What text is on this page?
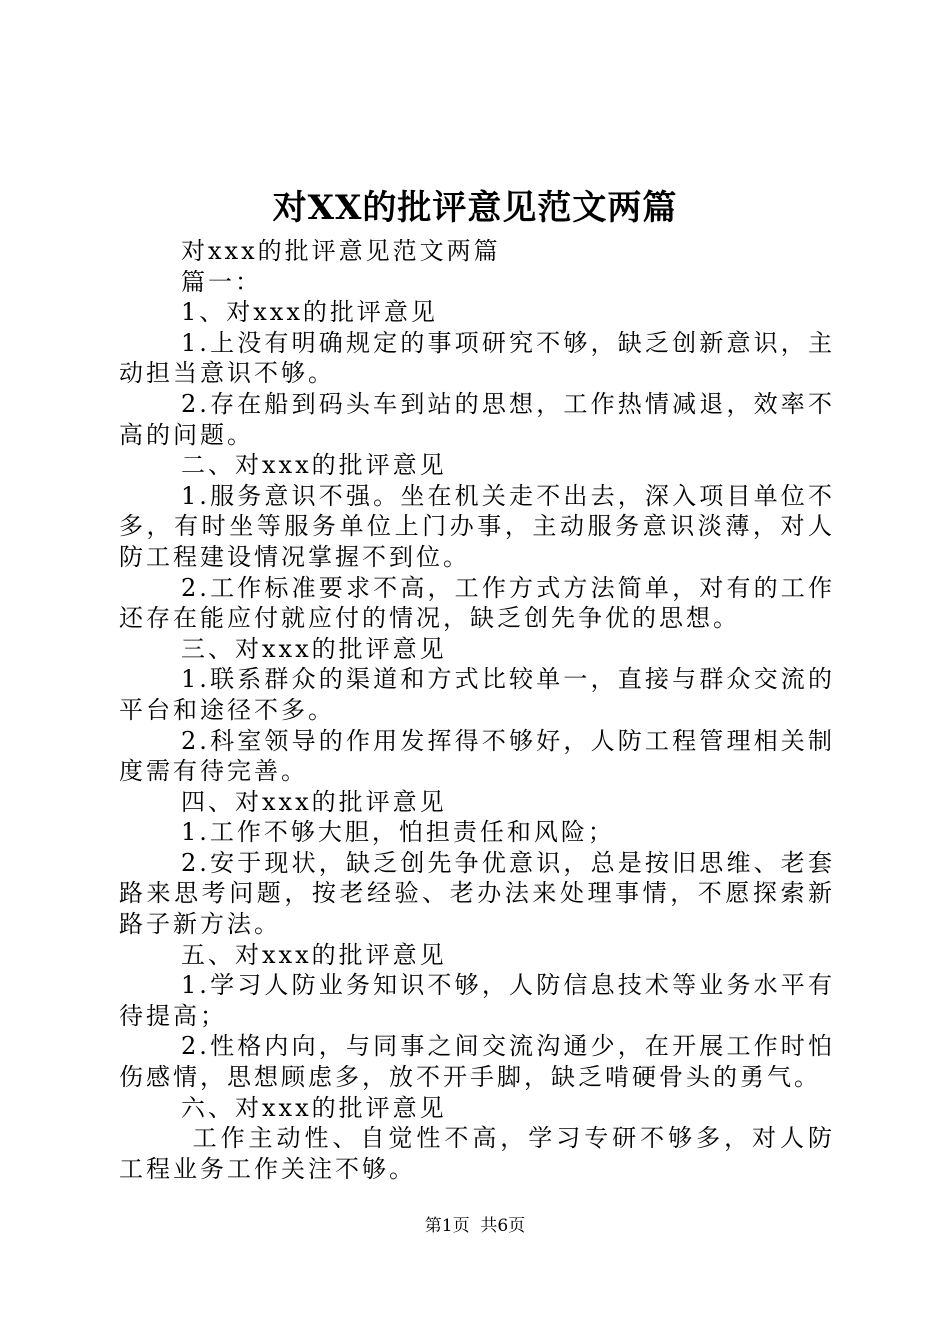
对XX的批评意见范文两篇

对xxx的批评意见范文两篇

篇一：

1、对xxx的批评意见

1.上没有明确规定的事项研究不够，缺乏创新意识，主动担当意识不够。

2.存在船到码头车到站的思想，工作热情减退，效率不高的问题。

二、对xxx的批评意见

1.服务意识不强。坐在机关走不出去，深入项目单位不多，有时坐等服务单位上门办事，主动服务意识淡薄，对人防工程建设情况掌握不到位。

2.工作标准要求不高，工作方式方法简单，对有的工作还存在能应付就应付的情况，缺乏创先争优的思想。

三、对xxx的批评意见

1.联系群众的渠道和方式比较单一，直接与群众交流的平台和途径不多。

2.科室领导的作用发挥得不够好，人防工程管理相关制度需有待完善。

四、对xxx的批评意见

1.工作不够大胆，怕担责任和风险；

2.安于现状，缺乏创先争优意识，总是按旧思维、老套路来思考问题，按老经验、老办法来处理事情，不愿探索新路子新方法。

五、对xxx的批评意见

1.学习人防业务知识不够，人防信息技术等业务水平有待提高；

2.性格内向，与同事之间交流沟通少，在开展工作时怕伤感情，思想顾虑多，放不开手脚，缺乏啃硬骨头的勇气。

六、对xxx的批评意见

工作主动性、自觉性不高，学习专研不够多，对人防工程业务工作关注不够。

第1页  共6页
